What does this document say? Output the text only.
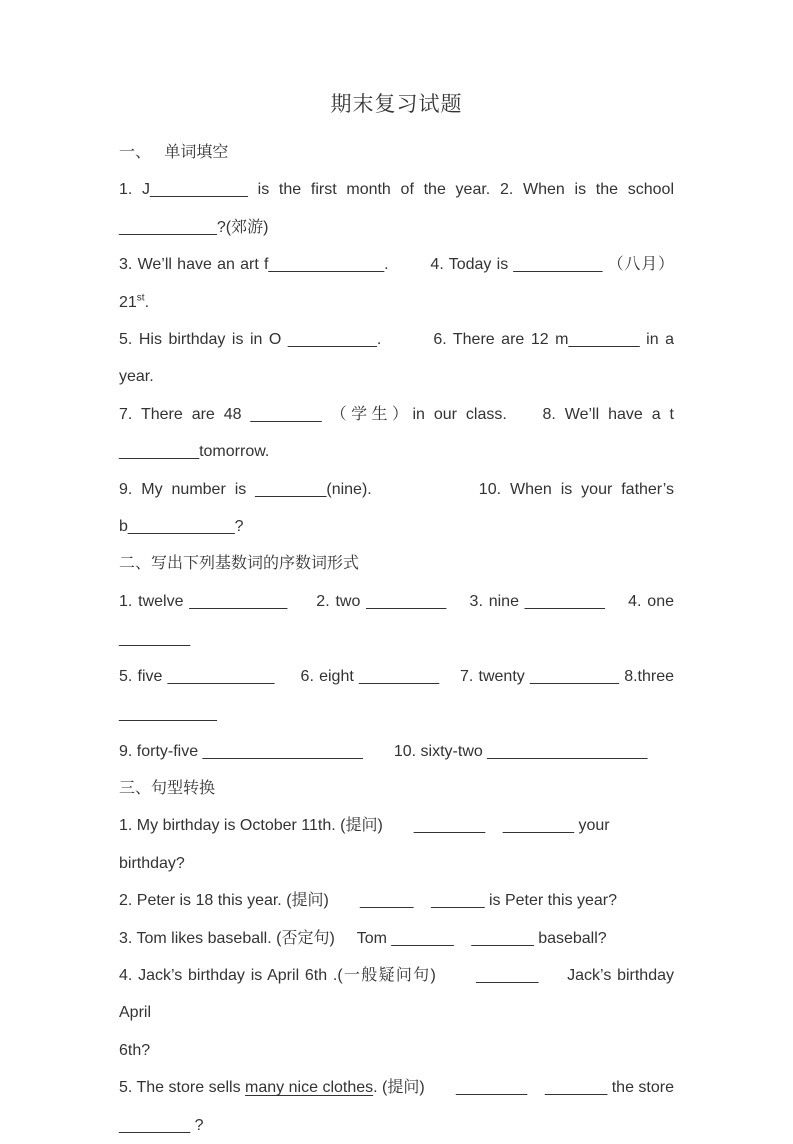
期末复习试题
一、   单词填空
1. J___________ is the first month of the year. 2. When is the school
___________?(郊游)
3. We’ll have an art f_____________.        4. Today is __________ （八月）
21st.
5. His birthday is in O __________.        6. There are 12 m________ in a
year.
7. There are 48 ________ （学生）in our class.    8. We’ll have a t
_________tomorrow.
9. My number is ________(nine).            10. When is your father’s
b____________?
二、写出下列基数词的序数词形式
1. twelve ___________     2. two _________    3. nine _________    4. one
________
5. five ____________     6. eight _________    7. twenty __________ 8.three
___________
9. forty-five __________________       10. sixty-two __________________
三、句型转换
1. My birthday is October 11th. (提问)       ________    ________ your birthday?
2. Peter is 18 this year. (提问)       ______    ______ is Peter this year?
3. Tom likes baseball. (否定句)     Tom _______    _______ baseball?
4. Jack’s birthday is April 6th .(一般疑问句)       _______     Jack’s birthday April
6th?
5. The store sells many nice clothes. (提问)       ________    _______ the store
________ ?
